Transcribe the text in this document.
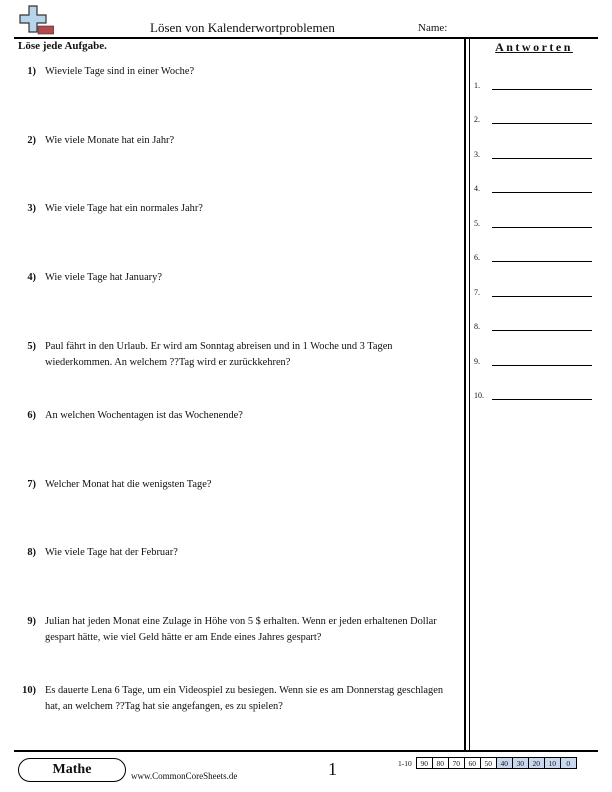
Lösen von Kalenderwortproblemen	Name:
Löse jede Aufgabe.
1) Wieviele Tage sind in einer Woche?
2) Wie viele Monate hat ein Jahr?
3) Wie viele Tage hat ein normales Jahr?
4) Wie viele Tage hat January?
5) Paul fährt in den Urlaub. Er wird am Sonntag abreisen und in 1 Woche und 3 Tagen wiederkommen. An welchem ??Tag wird er zurückkehren?
6) An welchen Wochentagen ist das Wochenende?
7) Welcher Monat hat die wenigsten Tage?
8) Wie viele Tage hat der Februar?
9) Julian hat jeden Monat eine Zulage in Höhe von 5 $ erhalten. Wenn er jeden erhaltenen Dollar gespart hätte, wie viel Geld hätte er am Ende eines Jahres gespart?
10) Es dauerte Lena 6 Tage, um ein Videospiel zu besiegen. Wenn sie es am Donnerstag geschlagen hat, an welchem ??Tag hat sie angefangen, es zu spielen?
Antworten
1.
2.
3.
4.
5.
6.
7.
8.
9.
10.
Mathe	www.CommonCoreSheets.de	1	1-10	90	80	70	60	50	40	30	20	10	0
